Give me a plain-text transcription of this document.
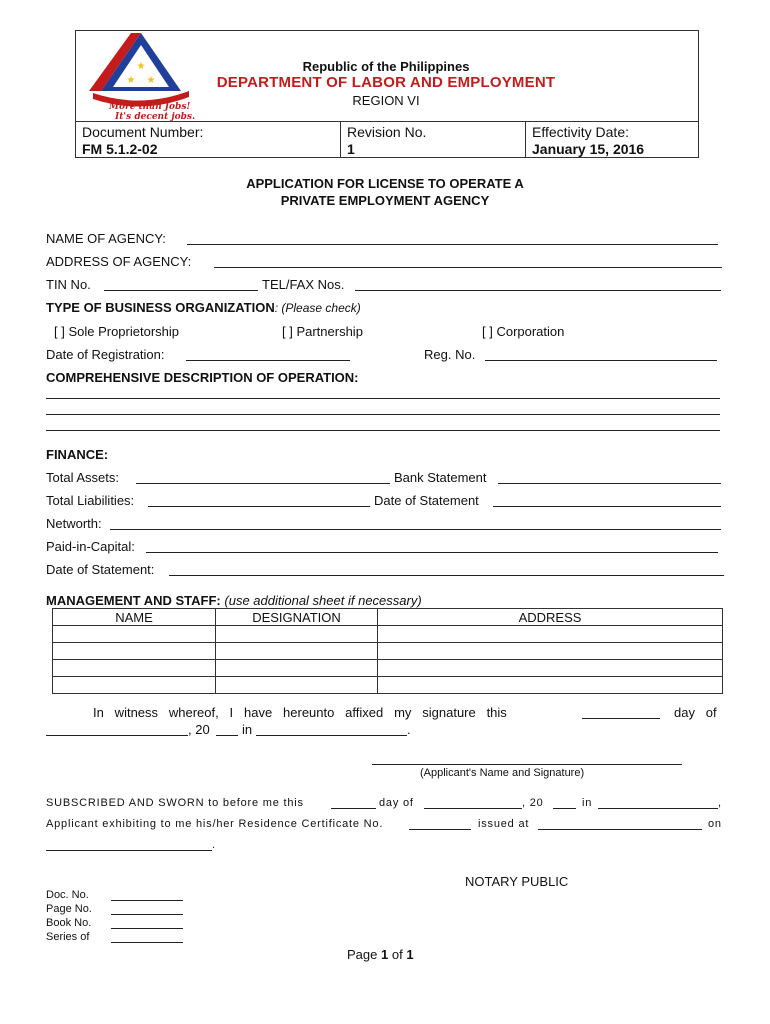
★
★ ★
More than Jobs!
It's decent jobs.
Republic of the Philippines
DEPARTMENT OF LABOR AND EMPLOYMENT
REGION VI
Document Number:
FM 5.1.2-02
Revision No.
1
Effectivity Date:
January 15, 2016
APPLICATION FOR LICENSE TO OPERATE A
PRIVATE EMPLOYMENT AGENCY
NAME OF AGENCY:
ADDRESS OF AGENCY:
TIN No.	TEL/FAX Nos.
TYPE OF BUSINESS ORGANIZATION: (Please check)
[ ] Sole Proprietorship	[ ] Partnership	[ ] Corporation
Date of Registration:	Reg. No.
COMPREHENSIVE DESCRIPTION OF OPERATION:
FINANCE:
Total Assets:	Bank Statement
Total Liabilities:	Date of Statement
Networth:
Paid-in-Capital:
Date of Statement:
MANAGEMENT AND STAFF: (use additional sheet if necessary)
NAME	DESIGNATION	ADDRESS

In   witness   whereof,   I   have   hereunto   affixed   my   signature   this	day   of
, 20 in	.
(Applicant's Name and Signature)
SUBSCRIBED AND SWORN to before me this	day of	, 20	in	,
Applicant exhibiting to me his/her Residence Certificate No.	issued at	on
.
NOTARY PUBLIC
Doc. No.
Page No.
Book No.
Series of
Page 1 of 1
